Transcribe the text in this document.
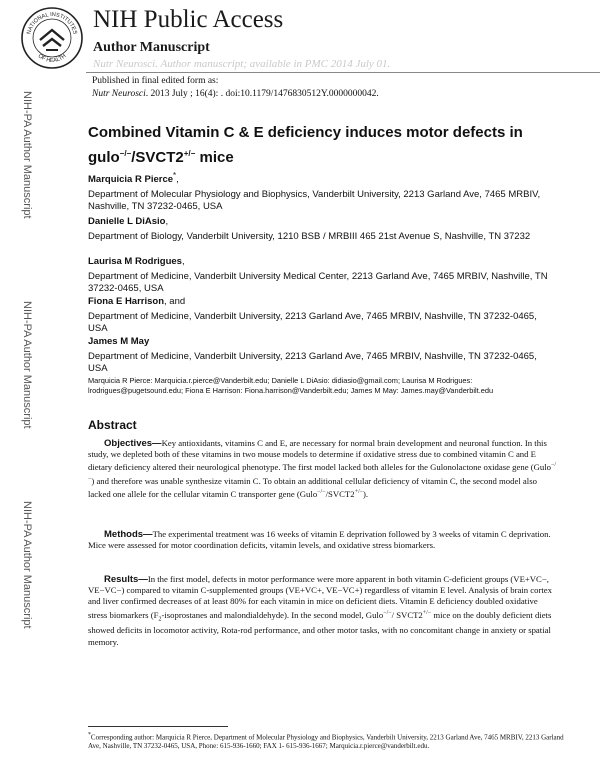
NATIONAL INSTITUTES
OF HEALTH
NIH Public Access
Author Manuscript
Nutr Neurosci. Author manuscript; available in PMC 2014 July 01.
NIH-PA Author Manuscript
NIH-PA Author Manuscript
NIH-PA Author Manuscript
Published in final edited form as:
Nutr Neurosci. 2013 July ; 16(4): . doi:10.1179/1476830512Y.0000000042.
Combined Vitamin C & E deficiency induces motor defects in gulo−/−/SVCT2+/− mice
Marquicia R Pierce*,
Department of Molecular Physiology and Biophysics, Vanderbilt University, 2213 Garland Ave, 7465 MRBIV, Nashville, TN 37232-0465, USA
Danielle L DiAsio,
Department of Biology, Vanderbilt University, 1210 BSB / MRBIII 465 21st Avenue S, Nashville, TN 37232
Laurisa M Rodrigues,
Department of Medicine, Vanderbilt University Medical Center, 2213 Garland Ave, 7465 MRBIV, Nashville, TN 37232-0465, USA
Fiona E Harrison, and
Department of Medicine, Vanderbilt University, 2213 Garland Ave, 7465 MRBIV, Nashville, TN 37232-0465, USA
James M May
Department of Medicine, Vanderbilt University, 2213 Garland Ave, 7465 MRBIV, Nashville, TN 37232-0465, USA
Marquicia R Pierce: Marquicia.r.pierce@Vanderbilt.edu; Danielle L DiAsio: didiasio@gmail.com; Laurisa M Rodrigues: lrodrigues@pugetsound.edu; Fiona E Harrison: Fiona.harrison@Vanderbilt.edu; James M May: James.may@Vanderbilt.edu
Abstract
Objectives—Key antioxidants, vitamins C and E, are necessary for normal brain development and neuronal function. In this study, we depleted both of these vitamins in two mouse models to determine if oxidative stress due to combined vitamin C and E dietary deficiency altered their neurological phenotype. The first model lacked both alleles for the Gulonolactone oxidase gene (Gulo−/−) and therefore was unable synthesize vitamin C. To obtain an additional cellular deficiency of vitamin C, the second model also lacked one allele for the cellular vitamin C transporter gene (Gulo−/−/SVCT2+/−).
Methods—The experimental treatment was 16 weeks of vitamin E deprivation followed by 3 weeks of vitamin C deprivation. Mice were assessed for motor coordination deficits, vitamin levels, and oxidative stress biomarkers.
Results—In the first model, defects in motor performance were more apparent in both vitamin C-deficient groups (VE+VC−, VE−VC−) compared to vitamin C-supplemented groups (VE+VC+, VE−VC+) regardless of vitamin E level. Analysis of brain cortex and liver confirmed decreases of at least 80% for each vitamin in mice on deficient diets. Vitamin E deficiency doubled oxidative stress biomarkers ($F_2$-isoprostanes and malondialdehyde). In the second model, Gulo−/−/ SVCT2+/− mice on the doubly deficient diets showed deficits in locomotor activity, Rota-rod performance, and other motor tasks, with no concomitant change in anxiety or spatial memory.
*Corresponding author: Marquicia R Pierce, Department of Molecular Physiology and Biophysics, Vanderbilt University, 2213 Garland Ave, 7465 MRBIV, 2213 Garland Ave, Nashville, TN 37232-0465, USA, Phone: 615-936-1660; FAX 1- 615-936-1667; Marquicia.r.pierce@vanderbilt.edu.
